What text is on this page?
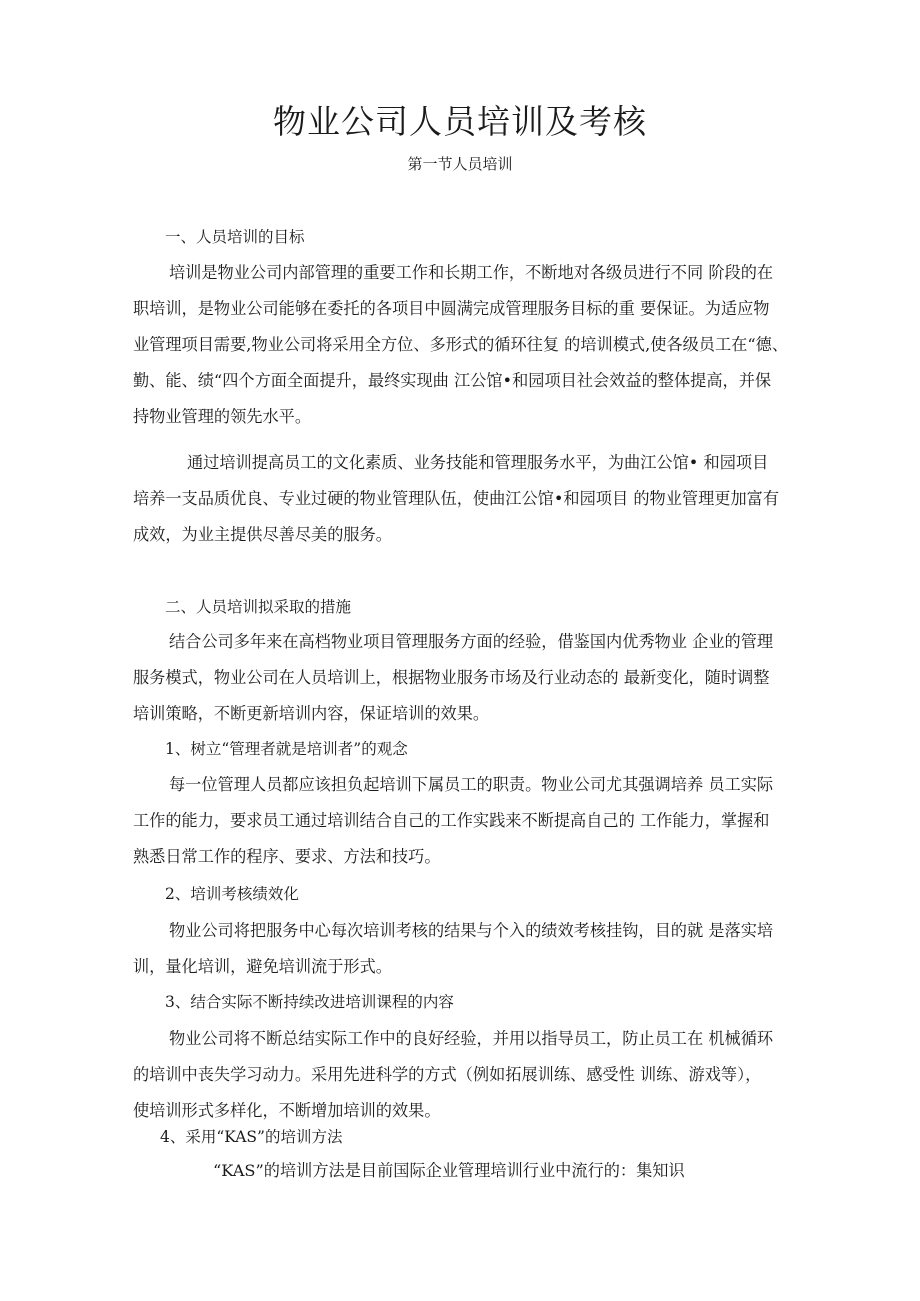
物业公司人员培训及考核
第一节人员培训
一、人员培训的目标
培训是物业公司内部管理的重要工作和长期工作，不断地对各级员进行不同 阶段的在
职培训，是物业公司能够在委托的各项目中圆满完成管理服务目标的重 要保证。为适应物
业管理项目需要,物业公司将采用全方位、多形式的循环往复 的培训模式,使各级员工在“德、
勤、能、绩“四个方面全面提升，最终实现曲 江公馆•和园项目社会效益的整体提高，并保
持物业管理的领先水平。
通过培训提高员工的文化素质、业务技能和管理服务水平，为曲江公馆• 和园项目
培养一支品质优良、专业过硬的物业管理队伍，使曲江公馆•和园项目 的物业管理更加富有
成效，为业主提供尽善尽美的服务。
二、人员培训拟采取的措施
结合公司多年来在高档物业项目管理服务方面的经验，借鉴国内优秀物业 企业的管理
服务模式，物业公司在人员培训上，根据物业服务市场及行业动态的 最新变化，随时调整
培训策略，不断更新培训内容，保证培训的效果。
1、树立“管理者就是培训者”的观念
每一位管理人员都应该担负起培训下属员工的职责。物业公司尤其强调培养 员工实际
工作的能力，要求员工通过培训结合自己的工作实践来不断提高自己的 工作能力，掌握和
熟悉日常工作的程序、要求、方法和技巧。
2、培训考核绩效化
物业公司将把服务中心每次培训考核的结果与个入的绩效考核挂钩，目的就 是落实培
训，量化培训，避免培训流于形式。
3、结合实际不断持续改进培训课程的内容
物业公司将不断总结实际工作中的良好经验，并用以指导员工，防止员工在 机械循环
的培训中丧失学习动力。采用先进科学的方式（例如拓展训练、感受性 训练、游戏等），
使培训形式多样化，不断增加培训的效果。
4、采用“KAS”的培训方法
“KAS”的培训方法是目前国际企业管理培训行业中流行的：集知识
